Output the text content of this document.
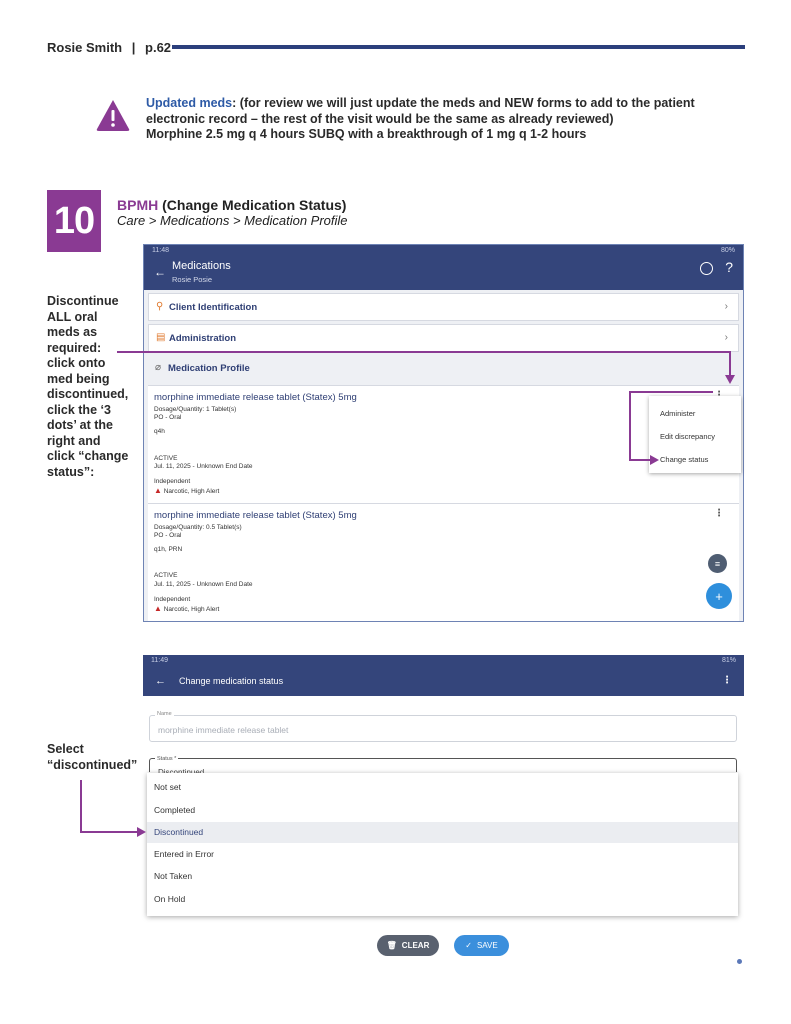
Rosie Smith | p.62
Updated meds: (for review we will just update the meds and NEW forms to add to the patient electronic record – the rest of the visit would be the same as already reviewed)
Morphine 2.5 mg q 4 hours SUBQ with a breakthrough of 1 mg q 1-2 hours
10	BPMH (Change Medication Status)
Care > Medications > Medication Profile
Discontinue ALL oral meds as required: click onto med being discontinued, click the ‘3 dots’ at the right and click “change status”:
Select “discontinued”
11:48	80%
← Medications
Rosie Posie
?
⚲ Client Identification	›
▤ Administration	›
⌀ Medication Profile
morphine immediate release tablet (Statex) 5mg
Dosage/Quantity: 1 Tablet(s)
PO - Oral
q4h
ACTIVE
Jul. 11, 2025 - Unknown End Date
Independent
▲ Narcotic, High Alert
morphine immediate release tablet (Statex) 5mg	⋮
Dosage/Quantity: 0.5 Tablet(s)
PO - Oral
q1h, PRN
ACTIVE
Jul. 11, 2025 - Unknown End Date
Independent
▲ Narcotic, High Alert
Administer
Edit discrepancy
Change status
≡
+
11:49	81%
← Change medication status	⋮
Name
morphine immediate release tablet
Status *
Not set
Completed
Discontinued
Entered in Error
Not Taken
On Hold
🗑 CLEAR	✓ SAVE
